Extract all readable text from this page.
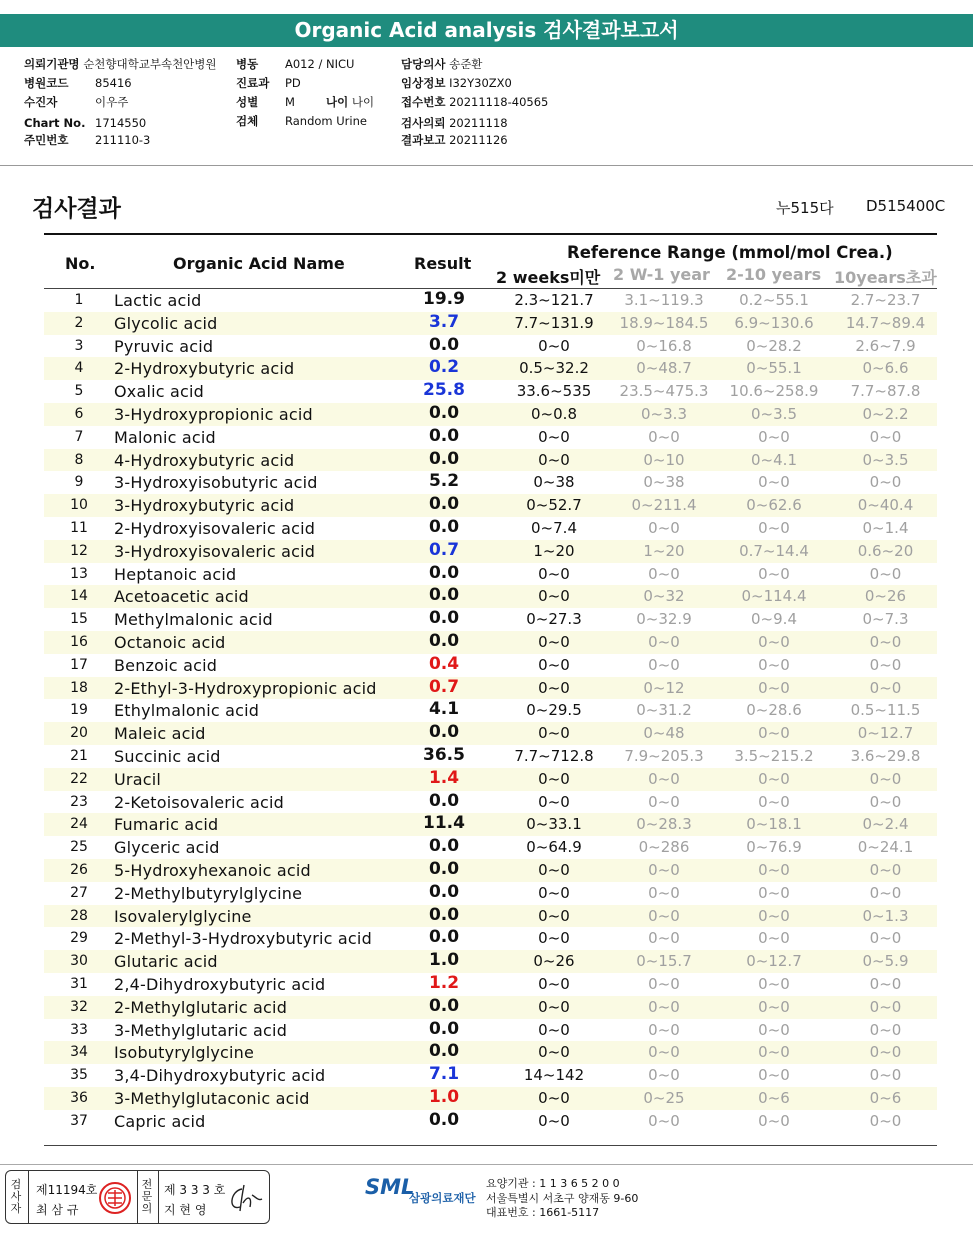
Organic Acid analysis 검사결과보고서
의뢰기관명 순천향대학교부속천안병원 병동 A012 / NICU	담당의사 송준환
병원코드 85416	진료과 PD	임상정보 I32Y30ZX0
수진자	이우주	성별 M	나이 나이 접수번호 20211118-40565
Chart No. 1714550	검체 Random Urine	검사의뢰 20211118
주민번호 211110-3	결과보고 20211126
검사결과	누515다 D515400C
No.	Organic Acid Name	Result
Reference Range (mmol/mol Crea.)
2 weeks미만 2 W-1 year 2-10 years 10years초과
1	Lactic acid	19.9	2.3~121.7	3.1~119.3	0.2~55.1	2.7~23.7
2	Glycolic acid	3.7	7.7~131.9	18.9~184.5	6.9~130.6	14.7~89.4
3	Pyruvic acid	0.0	0~0	0~16.8	0~28.2	2.6~7.9
4	2-Hydroxybutyric acid	0.2	0.5~32.2	0~48.7	0~55.1	0~6.6
5	Oxalic acid	25.8	33.6~535	23.5~475.3	10.6~258.9	7.7~87.8
6	3-Hydroxypropionic acid	0.0	0~0.8	0~3.3	0~3.5	0~2.2
7	Malonic acid	0.0	0~0	0~0	0~0	0~0
8	4-Hydroxybutyric acid	0.0	0~0	0~10	0~4.1	0~3.5
9	3-Hydroxyisobutyric acid	5.2	0~38	0~38	0~0	0~0
10	3-Hydroxybutyric acid	0.0	0~52.7	0~211.4	0~62.6	0~40.4
11	2-Hydroxyisovaleric acid	0.0	0~7.4	0~0	0~0	0~1.4
12	3-Hydroxyisovaleric acid	0.7	1~20	1~20	0.7~14.4	0.6~20
13	Heptanoic acid	0.0	0~0	0~0	0~0	0~0
14	Acetoacetic acid	0.0	0~0	0~32	0~114.4	0~26
15	Methylmalonic acid	0.0	0~27.3	0~32.9	0~9.4	0~7.3
16	Octanoic acid	0.0	0~0	0~0	0~0	0~0
17	Benzoic acid	0.4	0~0	0~0	0~0	0~0
18	2-Ethyl-3-Hydroxypropionic acid	0.7	0~0	0~12	0~0	0~0
19	Ethylmalonic acid	4.1	0~29.5	0~31.2	0~28.6	0.5~11.5
20	Maleic acid	0.0	0~0	0~48	0~0	0~12.7
21	Succinic acid	36.5	7.7~712.8	7.9~205.3	3.5~215.2	3.6~29.8
22	Uracil	1.4	0~0	0~0	0~0	0~0
23	2-Ketoisovaleric acid	0.0	0~0	0~0	0~0	0~0
24	Fumaric acid	11.4	0~33.1	0~28.3	0~18.1	0~2.4
25	Glyceric acid	0.0	0~64.9	0~286	0~76.9	0~24.1
26	5-Hydroxyhexanoic acid	0.0	0~0	0~0	0~0	0~0
27	2-Methylbutyrylglycine	0.0	0~0	0~0	0~0	0~0
28	Isovalerylglycine	0.0	0~0	0~0	0~0	0~1.3
29	2-Methyl-3-Hydroxybutyric acid	0.0	0~0	0~0	0~0	0~0
30	Glutaric acid	1.0	0~26	0~15.7	0~12.7	0~5.9
31	2,4-Dihydroxybutyric acid	1.2	0~0	0~0	0~0	0~0
32	2-Methylglutaric acid	0.0	0~0	0~0	0~0	0~0
33	3-Methylglutaric acid	0.0	0~0	0~0	0~0	0~0
34	Isobutyrylglycine	0.0	0~0	0~0	0~0	0~0
35	3,4-Dihydroxybutyric acid	7.1	14~142	0~0	0~0	0~0
36	3-Methylglutaconic acid	1.0	0~0	0~25	0~6	0~6
37	Capric acid	0.0	0~0	0~0	0~0	0~0
검사자
제11194호
최 삼 규
전문의
제 3 3 3 호
지 현 영
SML
삼광의료재단
요양기관 : 1 1 3 6 5 2 0 0
서울특별시 서초구 양재동 9-60
대표번호 : 1661-5117
